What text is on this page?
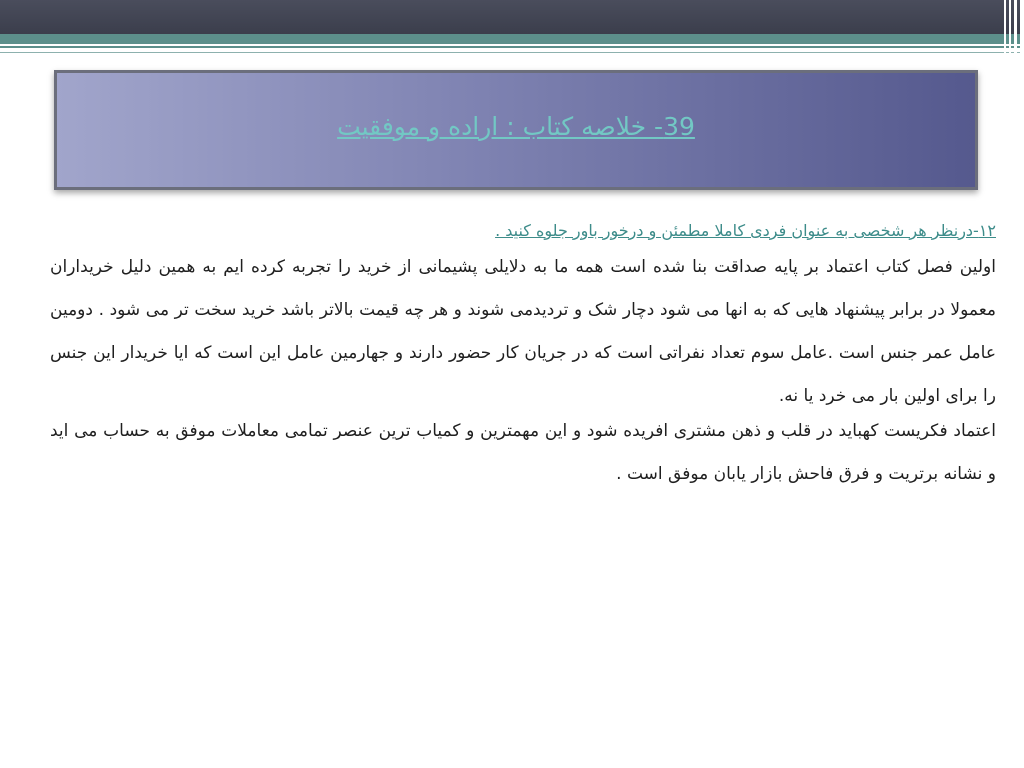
39- خلاصه کتاب : اراده و موفقیت
۱۲-درنظر هر شخصی به عنوان فردی کاملا مطمئن و درخور باور جلوه کنید .

اولین فصل کتاب اعتماد بر پایه صداقت بنا شده است همه ما به دلایلی پشیمانی از خرید را تجربه کرده ایم به همین دلیل خریداران معمولا در برابر پیشنهاد هایی که به انها می شود دچار شک و تردیدمی شوند و هر چه قیمت بالاتر باشد خرید سخت تر می شود . دومین عامل عمر جنس است .عامل سوم تعداد نفراتی است که در جریان کار حضور دارند و جهارمین عامل این است که ایا خریدار این جنس را برای اولین بار می خرد یا نه.

اعتماد فکریست کهباید در قلب و ذهن مشتری افریده شود و این مهمترین و کمیاب ترین عنصر تمامی معاملات موفق به حساب می اید و نشانه برتریت و فرق فاحش بازار یابان موفق است .
